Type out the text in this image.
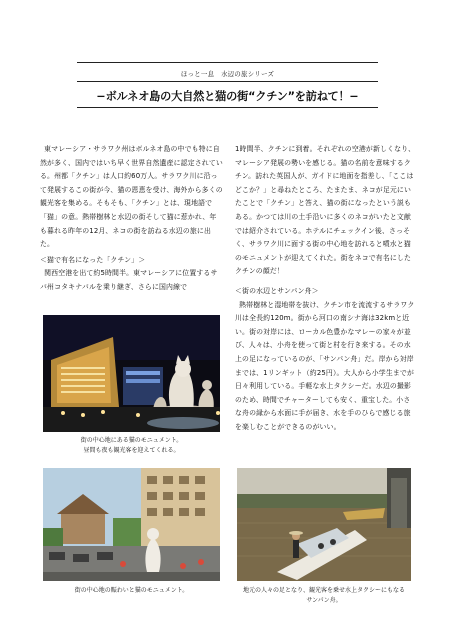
ほっと一息　水辺の旅シリーズ
−ボルネオ島の大自然と猫の街“クチン”を訪ねて！−

東マレーシア・サラワク州はボルネオ島の中でも特に自然が多く、国内ではいち早く世界自然遺産に認定されている。州都「クチン」は人口約60万人。サラワク川に沿って発展するこの街が今、猫の恩恵を受け、海外から多くの観光客を集める。そもそも、「クチン」とは、現地語で「猫」の意。熱帯樹林と水辺の街そして猫に惹かれ、年も暮れる昨年の12月、ネコの街を訪ねる水辺の旅に出た。

＜猫で有名になった「クチン」＞

関西空港を出て約5時間半。東マレーシアに位置するサバ州コタキナバルを乗り継ぎ、さらに国内線で

1時間半、クチンに到着。それぞれの空港が新しくなり、マレーシア発展の勢いを感じる。猫の名前を意味するクチン。訪れた英国人が、ガイドに地面を指差し、「ここはどこか？」と尋ねたところ、たまたま、ネコが足元にいたことで「クチン」と答え、猫の街になったという説もある。かつては川の土手沿いに多くのネコがいたと文献では紹介されている。ホテルにチェックイン後、さっそく、サラワク川に面する街の中心地を訪れると噴水と猫のモニュメントが迎えてくれた。街をネコで有名にしたクチンの顔だ！

＜街の水辺とサンパン舟＞

熱帯樹林と湿地帯を抜け、クチン市を流流するサラワク川は全長約120m。街から河口の南シナ海は32kmと近い。街の対岸には、ローカル色豊かなマレーの家々が並び、人々は、小舟を使って街と村を行き来する。その水上の足になっているのが、「サンパン舟」だ。岸から対岸までは、1リンギット（約25円）。大人から小学生までが日々利用している。手軽な水上タクシーだ。水辺の撮影のため、時間でチャーターしても安く、重宝した。小さな舟の縁から水面に手が届き、水を手のひらで感じる旅を楽しむことができるのがいい。

街の中心地にある猫のモニュメント。
昼間も夜も観光客を迎えてくれる。
街の中心地の賑わいと猫のモニュメント。	地元の人々の足となり、観光客を乗せ水上タクシーにもなる
サンパン舟。
